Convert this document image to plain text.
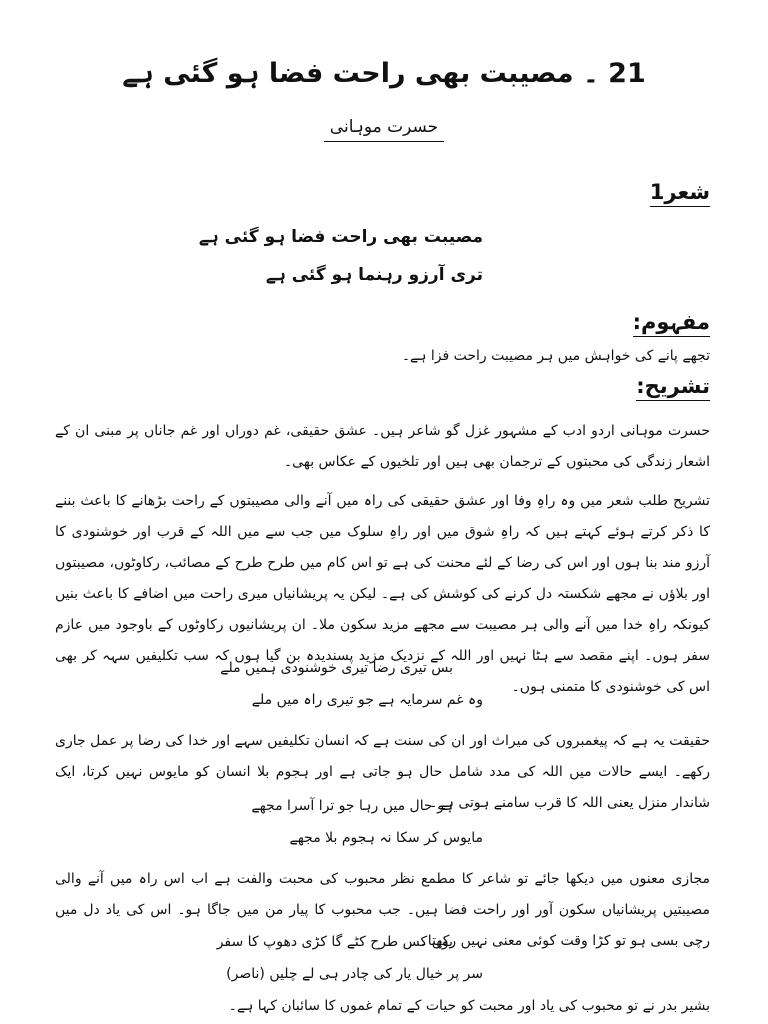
21 ۔ مصیبت بھی راحت فضا ہو گئی ہے
حسرت موہانی
شعر1
مصیبت بھی راحت فضا ہو گئی ہے
تری آرزو رہنما ہو گئی ہے
مفہوم:
تجھے پانے کی خواہش میں ہر مصیبت راحت فزا ہے۔
تشریح:
حسرت موہانی اردو ادب کے مشہور غزل گو شاعر ہیں۔ عشق حقیقی، غم دوراں اور غم جاناں پر مبنی ان کے اشعار زندگی کی محبتوں کے ترجمان بھی ہیں اور تلخیوں کے عکاس بھی۔
تشریح طلب شعر میں وہ راہِ وفا اور عشق حقیقی کی راہ میں آنے والی مصیبتوں کے راحت بڑھانے کا باعث بننے کا ذکر کرتے ہوئے کہتے ہیں کہ راہِ شوق میں اور راہِ سلوک میں جب سے میں اللہ کے قرب اور خوشنودی کا آرزو مند بنا ہوں اور اس کی رضا کے لئے محنت کی ہے تو اس کام میں طرح طرح کے مصائب، رکاوٹوں، مصیبتوں اور بلاؤں نے مجھے شکستہ دل کرنے کی کوشش کی ہے۔ لیکن یہ پریشانیاں میری راحت میں اضافے کا باعث بنیں کیونکہ راہِ خدا میں آنے والی ہر مصیبت سے مجھے مزید سکون ملا۔ ان پریشانیوں رکاوٹوں کے باوجود میں عازم سفر ہوں۔ اپنے مقصد سے ہٹا نہیں اور اللہ کے نزدیک مزید پسندیدہ بن گیا ہوں کہ سب تکلیفیں سہہ کر بھی اس کی خوشنودی کا متمنی ہوں۔
بس تیری رضا تیری خوشنودی ہمیں ملے
وہ غم سرمایہ ہے جو تیری راہ میں ملے
حقیقت یہ ہے کہ پیغمبروں کی میراث اور ان کی سنت ہے کہ انسان تکلیفیں سہے اور خدا کی رضا پر عمل جاری رکھے۔ ایسے حالات میں اللہ کی مدد شامل حال ہو جاتی ہے اور ہجوم بلا انسان کو مایوس نہیں کرتا، ایک شاندار منزل یعنی اللہ کا قرب سامنے ہوتی ہے۔
ہر حال میں رہا جو ترا آسرا مجھے
مایوس کر سکا نہ ہجوم بلا مجھے
مجازی معنوں میں دیکھا جائے تو شاعر کا مطمع نظر محبوب کی محبت والفت ہے اب اس راہ میں آنے والی مصیبتیں پریشانیاں سکون آور اور راحت فضا ہیں۔ جب محبوب کا پیار من میں جاگا ہو۔ اس کی یاد دل میں رچی بسی ہو تو کڑا وقت کوئی معنی نہیں رکھتا۔
یوں کس طرح کٹے گا کڑی دھوپ کا سفر
سر پر خیال یار کی چادر ہی لے چلیں (ناصر)
بشیر بدر نے تو محبوب کی یاد اور محبت کو حیات کے تمام غموں کا سائبان کہا ہے۔
